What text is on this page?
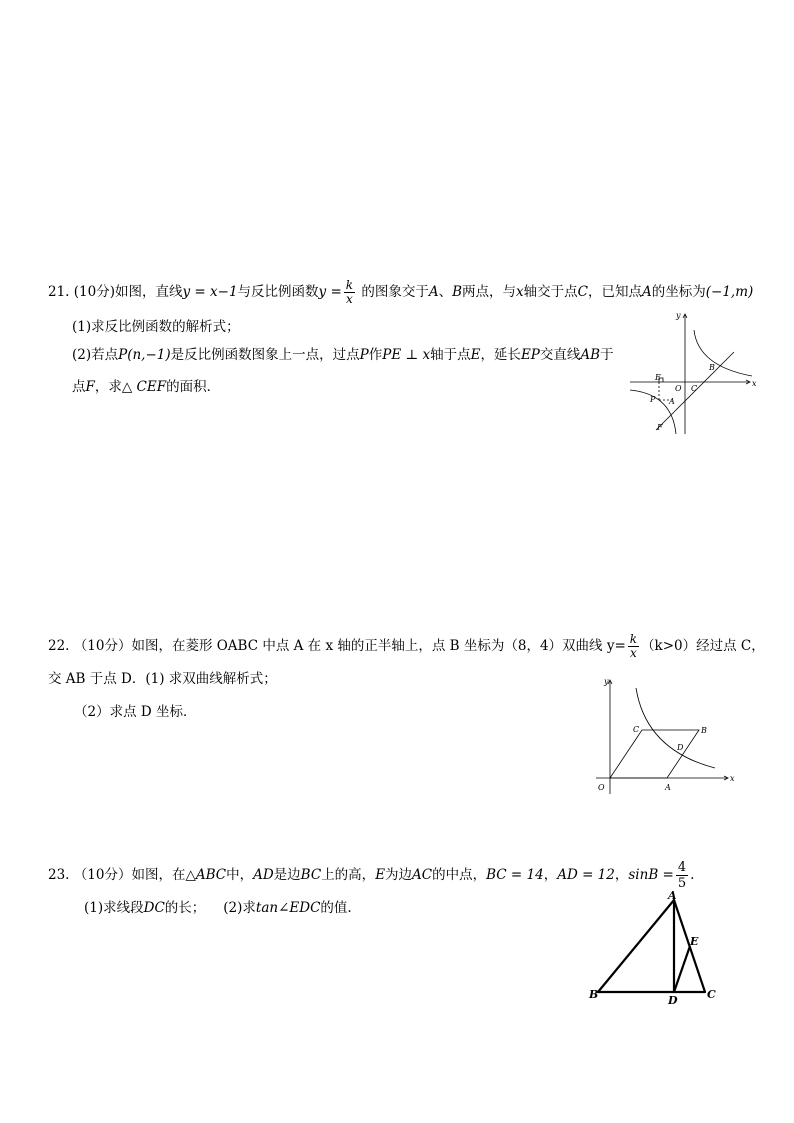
21. (10分)如图，直线y = x−1与反比例函数$y = \frac{k}{x}$ 的图象交于A、B两点，与x轴交于点C，已知点A的坐标为(−1,m)
(1)求反比例函数的解析式；
(2)若点P(n,−1)是反比例函数图象上一点，过点P作PE ⊥ x轴于点E，延长EP交直线AB于
点F，求△ CEF的面积．
y
x
E
O C
B
P A
F
22. （10分）如图，在菱形 OABC 中点 A 在 x 轴的正半轴上，点 B 坐标为（8，4）双曲线 $y= \frac{k}{x} (k>0)$经过点 C，
交 AB 于点 D．(1) 求双曲线解析式；
（2）求点 D 坐标．
y
x
O	A
B
C
D
23. （10分）如图，在△ABC中，AD是边BC上的高，E为边AC的中点，BC = 14，AD = 12，$\sin B = \frac{4}{5}$ .
(1)求线段DC的长； (2)求tan∠EDC的值.
A
B	C
D
E
